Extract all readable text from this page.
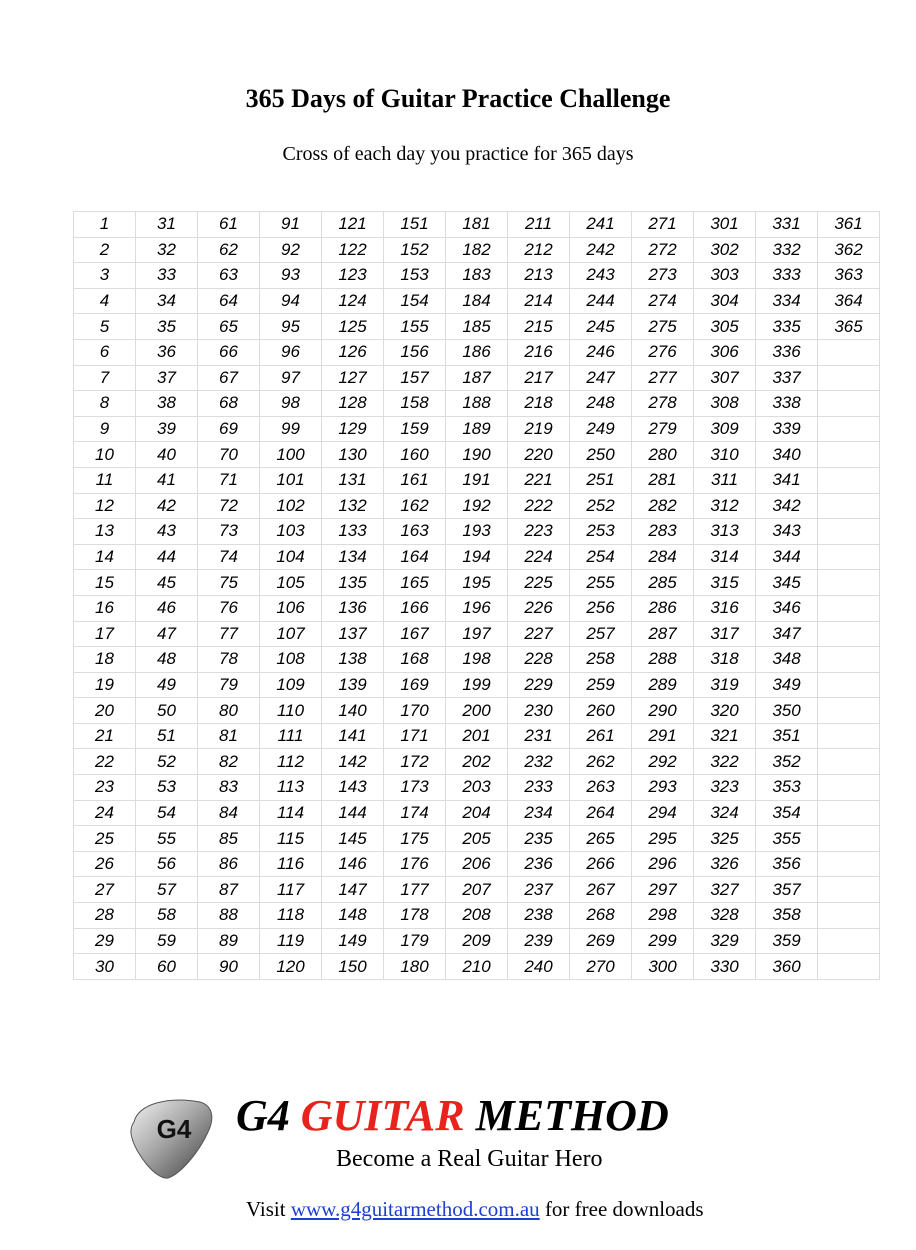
365 Days of Guitar Practice Challenge
Cross of each day you practice for 365 days
1	31	61	91	121	151	181	211	241	271	301	331	361
2	32	62	92	122	152	182	212	242	272	302	332	362
3	33	63	93	123	153	183	213	243	273	303	333	363
4	34	64	94	124	154	184	214	244	274	304	334	364
5	35	65	95	125	155	185	215	245	275	305	335	365
6	36	66	96	126	156	186	216	246	276	306	336	
7	37	67	97	127	157	187	217	247	277	307	337	
8	38	68	98	128	158	188	218	248	278	308	338	
9	39	69	99	129	159	189	219	249	279	309	339	
10	40	70	100	130	160	190	220	250	280	310	340	
11	41	71	101	131	161	191	221	251	281	311	341	
12	42	72	102	132	162	192	222	252	282	312	342	
13	43	73	103	133	163	193	223	253	283	313	343	
14	44	74	104	134	164	194	224	254	284	314	344	
15	45	75	105	135	165	195	225	255	285	315	345	
16	46	76	106	136	166	196	226	256	286	316	346	
17	47	77	107	137	167	197	227	257	287	317	347	
18	48	78	108	138	168	198	228	258	288	318	348	
19	49	79	109	139	169	199	229	259	289	319	349	
20	50	80	110	140	170	200	230	260	290	320	350	
21	51	81	111	141	171	201	231	261	291	321	351	
22	52	82	112	142	172	202	232	262	292	322	352	
23	53	83	113	143	173	203	233	263	293	323	353	
24	54	84	114	144	174	204	234	264	294	324	354	
25	55	85	115	145	175	205	235	265	295	325	355	
26	56	86	116	146	176	206	236	266	296	326	356	
27	57	87	117	147	177	207	237	267	297	327	357	
28	58	88	118	148	178	208	238	268	298	328	358	
29	59	89	119	149	179	209	239	269	299	329	359	
30	60	90	120	150	180	210	240	270	300	330	360	
G4 G4 GUITAR METHOD
Become a Real Guitar Hero
Visit www.g4guitarmethod.com.au for free downloads
